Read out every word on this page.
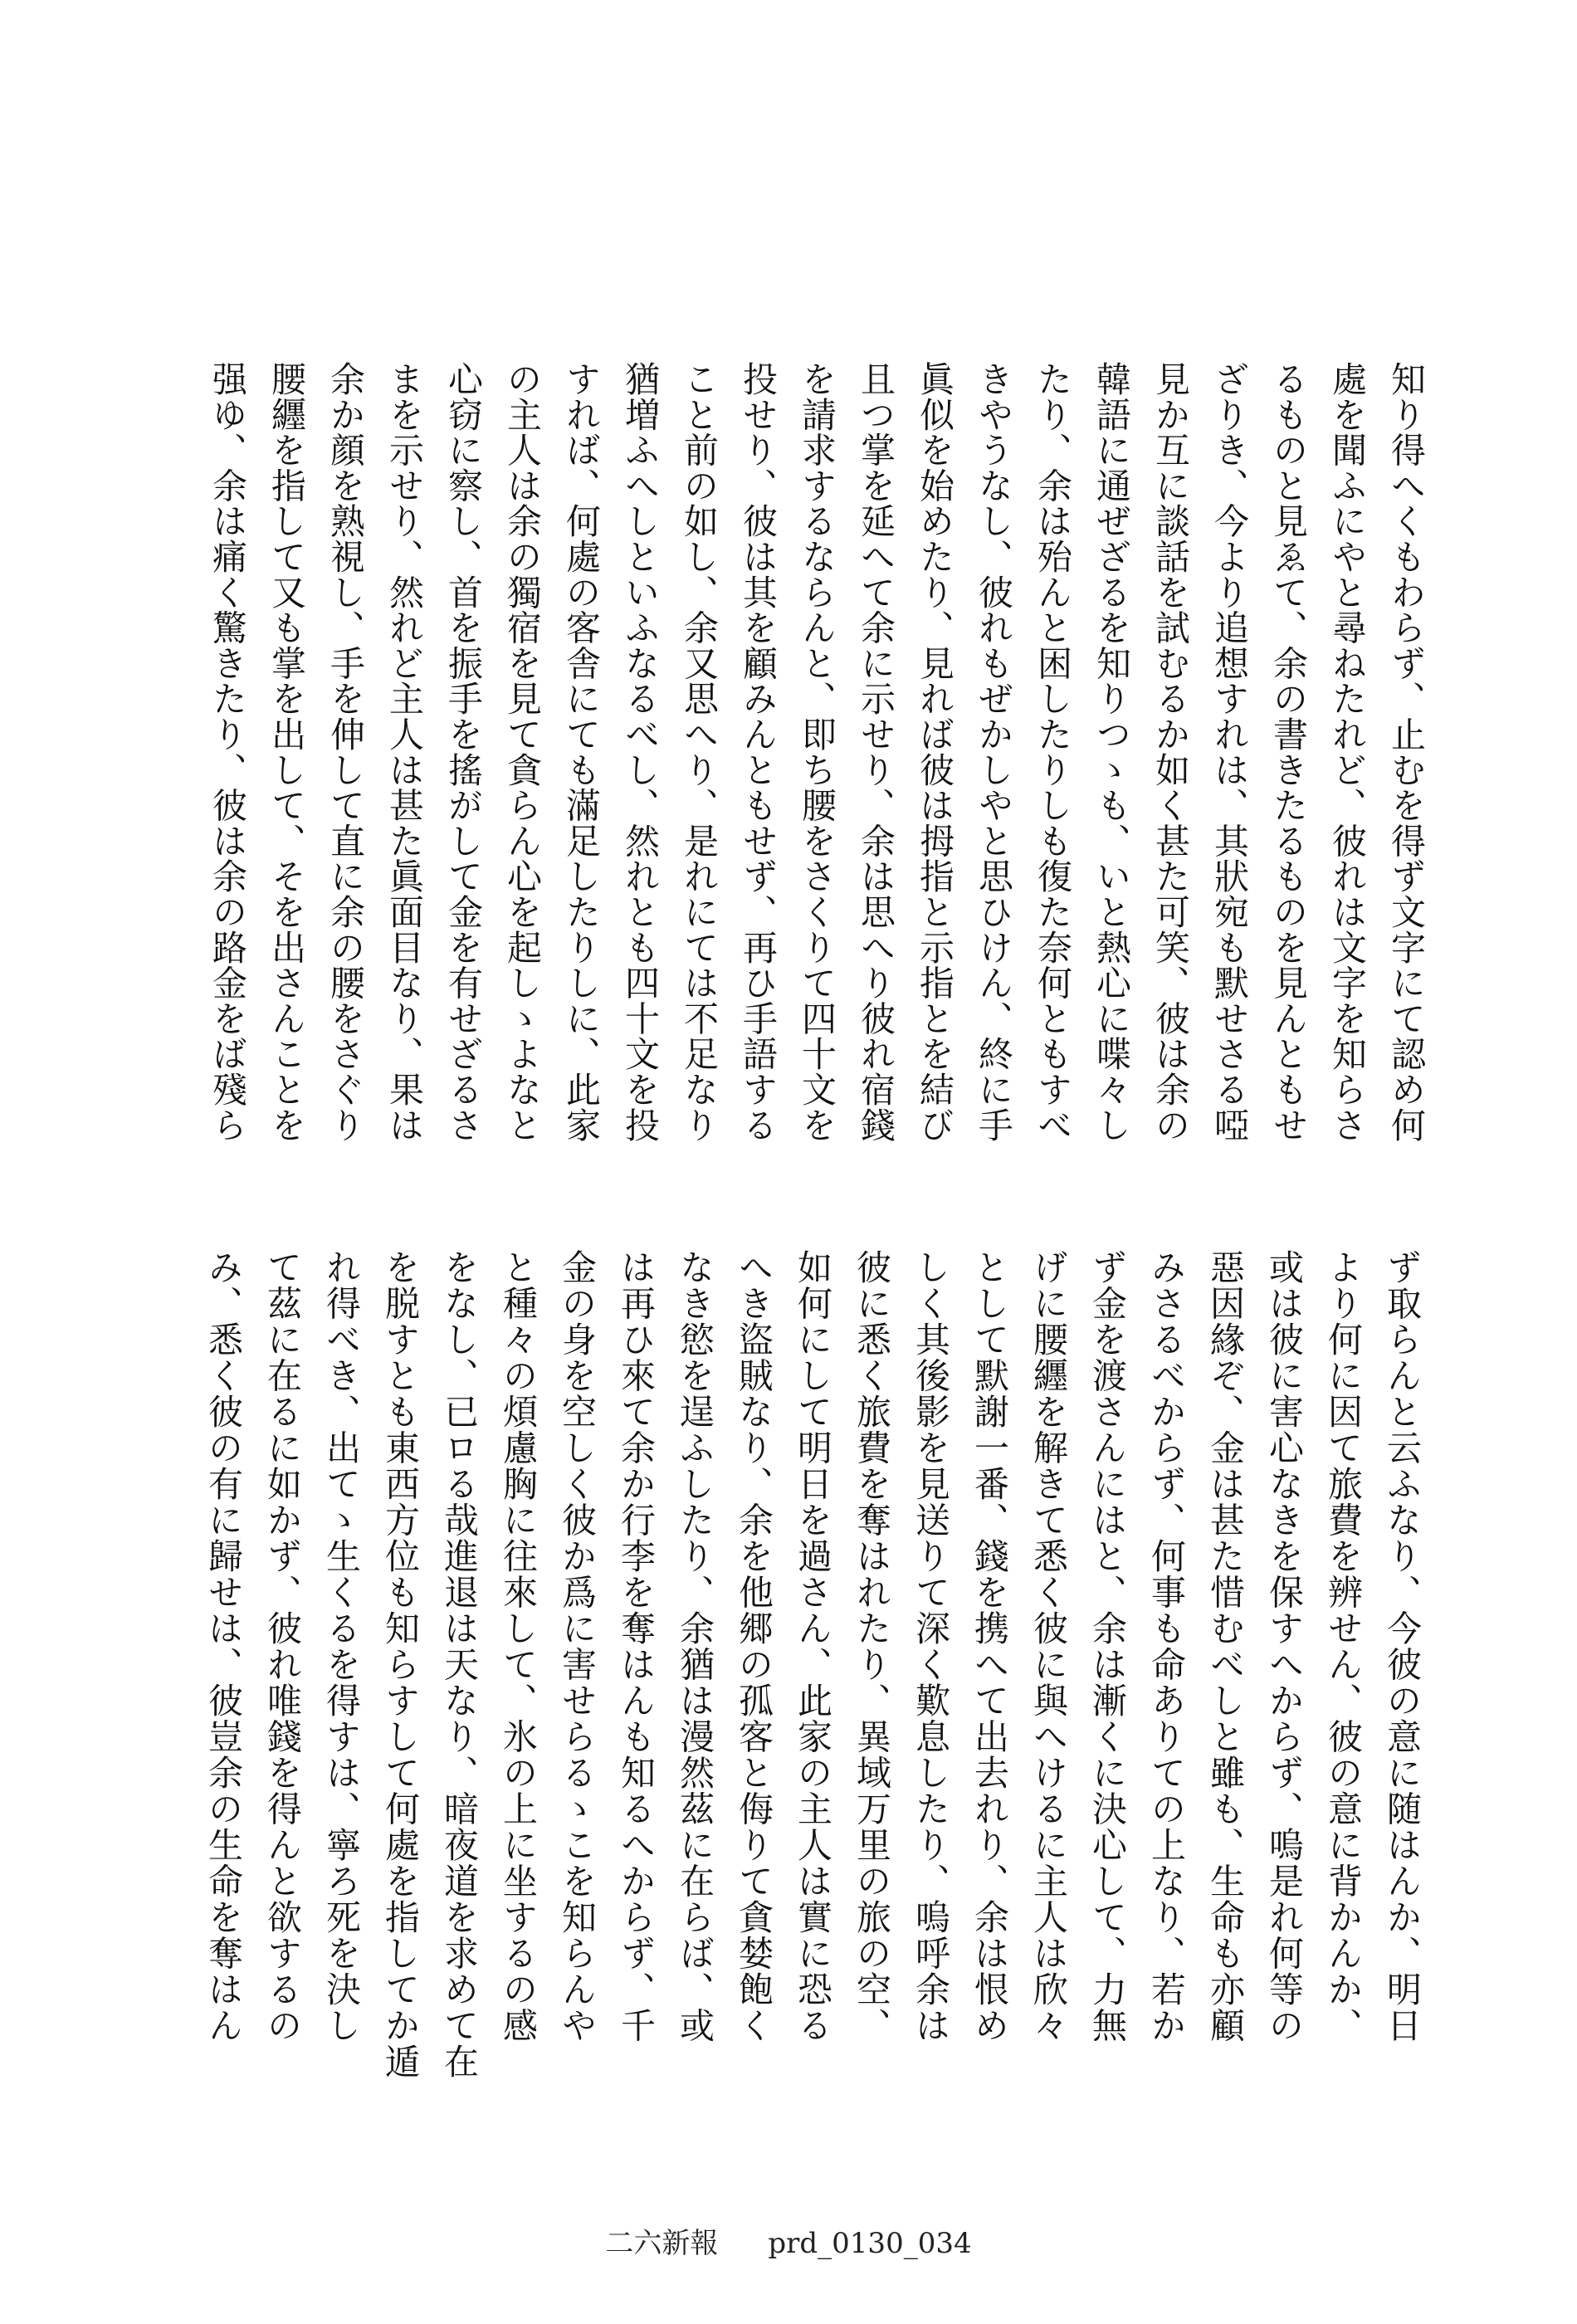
知り得へくもわらず、止むを得ず文字にて認め何
處を聞ふにやと尋ねたれど、彼れは文字を知らさ
るものと見ゑて、余の書きたるものを見んともせ
ざりき、今より追想すれは、其狀宛も默せさる啞
見か互に談話を試むるか如く甚た可笑、彼は余の
韓語に通ぜざるを知りつゝも、いと熱心に喋々し
たり、余は殆んと困したりしも復た奈何ともすべ
きやうなし、彼れもぜかしやと思ひけん、終に手
眞似を始めたり、見れば彼は拇指と示指とを結び
且つ掌を延へて余に示せり、余は思へり彼れ宿錢
を請求するならんと、即ち腰をさくりて四十文を
投せり、彼は其を顧みんともせず、再ひ手語する
こと前の如し、余又思へり、是れにては不足なり
猶増ふへしといふなるべし、然れとも四十文を投
すれば、何處の客舎にても滿足したりしに、此家
の主人は余の獨宿を見て貪らん心を起しゝよなと
心窃に察し、首を振手を搖がして金を有せざるさ
まを示せり、然れど主人は甚た眞面目なり、果は
余か顔を熟視し、手を伸して直に余の腰をさぐり
腰纒を指して又も掌を出して、そを出さんことを
强ゆ、余は痛く驚きたり、彼は余の路金をば殘ら
ず取らんと云ふなり、今彼の意に随はんか、明日
より何に因て旅費を辨せん、彼の意に背かんか、
或は彼に害心なきを保すへからず、嗚是れ何等の
惡因緣ぞ、金は甚た惜むべしと雖も、生命も亦顧
みさるべからず、何事も命ありての上なり、若か
ず金を渡さんにはと、余は漸くに決心して、力無
げに腰纒を解きて悉く彼に與へけるに主人は欣々
として默謝一番、錢を携へて出去れり、余は恨め
しく其後影を見送りて深く歎息したり、嗚呼余は
彼に悉く旅費を奪はれたり、異域万里の旅の空、
如何にして明日を過さん、此家の主人は實に恐る
へき盜賊なり、余を他郷の孤客と侮りて貪婪飽く
なき慾を逞ふしたり、余猶は漫然茲に在らば、或
は再ひ來て余か行李を奪はんも知るへからず、千
金の身を空しく彼か爲に害せらるゝこを知らんや
と種々の煩慮胸に往來して、氷の上に坐するの感
をなし、已ロる哉進退は天なり、暗夜道を求めて在
を脱すとも東西方位も知らすして何處を指してか遁
れ得べき、出てゝ生くるを得すは、寧ろ死を決し
て茲に在るに如かず、彼れ唯錢を得んと欲するの
み、悉く彼の有に歸せは、彼豈余の生命を奪はん
二六新報 prd_0130_034
